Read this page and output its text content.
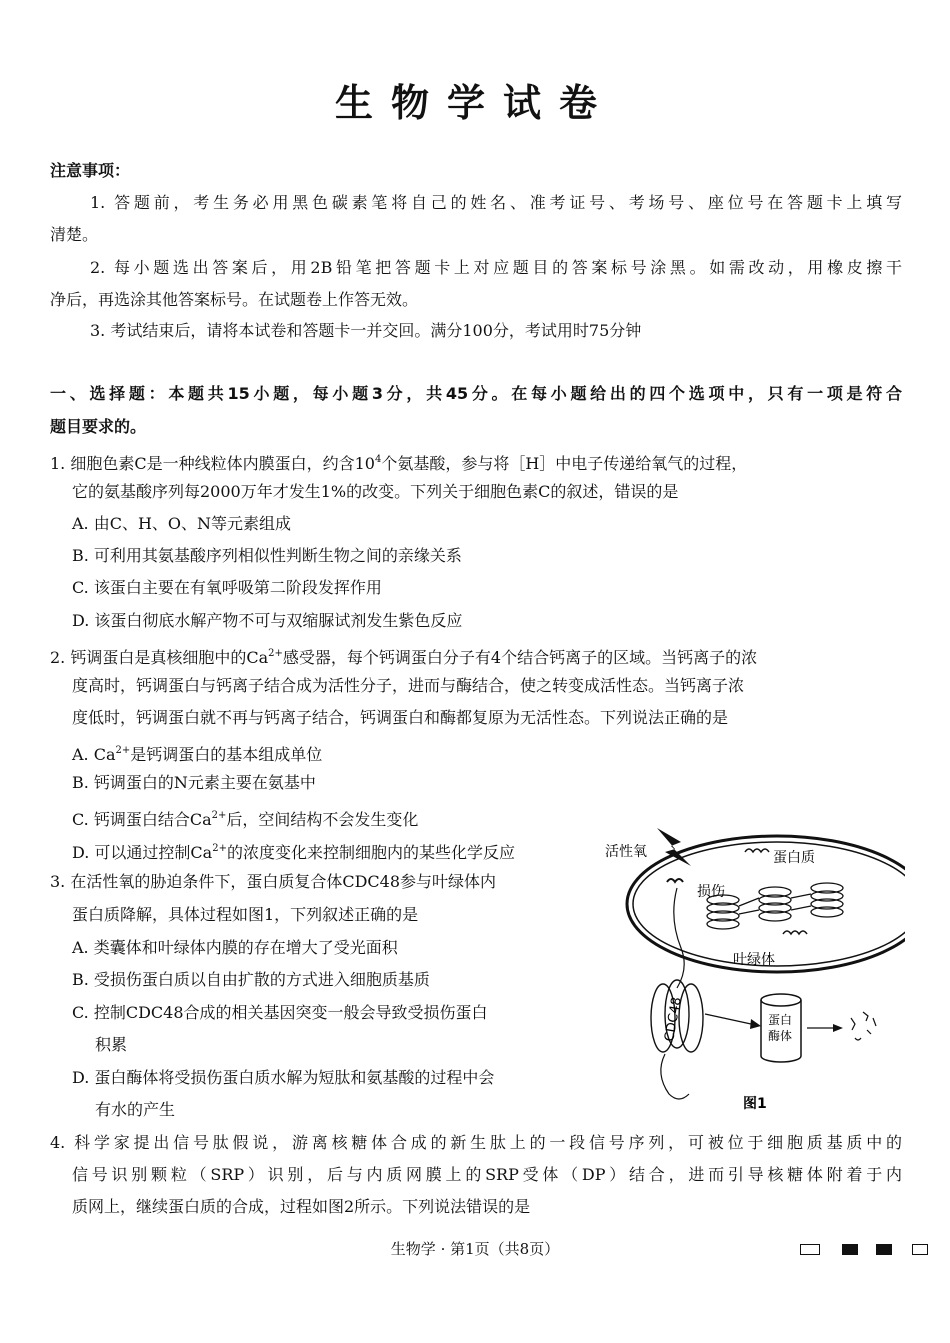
生物学试卷
注意事项：
1. 答题前，考生务必用黑色碳素笔将自己的姓名、准考证号、考场号、座位号在答题卡上填写
清楚。
2. 每小题选出答案后，用2B铅笔把答题卡上对应题目的答案标号涂黑。如需改动，用橡皮擦干
净后，再选涂其他答案标号。在试题卷上作答无效。
3. 考试结束后，请将本试卷和答题卡一并交回。满分100分，考试用时75分钟
一、选择题：本题共15小题，每小题3分，共45分。在每小题给出的四个选项中，只有一项是符合
题目要求的。
1. 细胞色素C是一种线粒体内膜蛋白，约含$10^4$个氨基酸，参与将［H］中电子传递给氧气的过程，
它的氨基酸序列每2000万年才发生1%的改变。下列关于细胞色素C的叙述，错误的是
A. 由C、H、O、N等元素组成
B. 可利用其氨基酸序列相似性判断生物之间的亲缘关系
C. 该蛋白主要在有氧呼吸第二阶段发挥作用
D. 该蛋白彻底水解产物不可与双缩脲试剂发生紫色反应
2. 钙调蛋白是真核细胞中的$Ca^{2+}$感受器，每个钙调蛋白分子有4个结合钙离子的区域。当钙离子的浓
度高时，钙调蛋白与钙离子结合成为活性分子，进而与酶结合，使之转变成活性态。当钙离子浓
度低时，钙调蛋白就不再与钙离子结合，钙调蛋白和酶都复原为无活性态。下列说法正确的是
A. $Ca^{2+}$是钙调蛋白的基本组成单位
B. 钙调蛋白的N元素主要在氨基中
C. 钙调蛋白结合$Ca^{2+}$后，空间结构不会发生变化
D. 可以通过控制$Ca^{2+}$的浓度变化来控制细胞内的某些化学反应
3. 在活性氧的胁迫条件下，蛋白质复合体CDC48参与叶绿体内
蛋白质降解，具体过程如图1，下列叙述正确的是
A. 类囊体和叶绿体内膜的存在增大了受光面积
B. 受损伤蛋白质以自由扩散的方式进入细胞质基质
C. 控制CDC48合成的相关基因突变一般会导致受损伤蛋白
积累
D. 蛋白酶体将受损伤蛋白质水解为短肽和氨基酸的过程中会
有水的产生
活性氧	蛋白质
损伤
叶绿体
CDC48	蛋白
酶体
图1
4. 科学家提出信号肽假说，游离核糖体合成的新生肽上的一段信号序列，可被位于细胞质基质中的
信号识别颗粒（SRP）识别，后与内质网膜上的SRP受体（DP）结合，进而引导核糖体附着于内
质网上，继续蛋白质的合成，过程如图2所示。下列说法错误的是
生物学 · 第1页（共8页）
